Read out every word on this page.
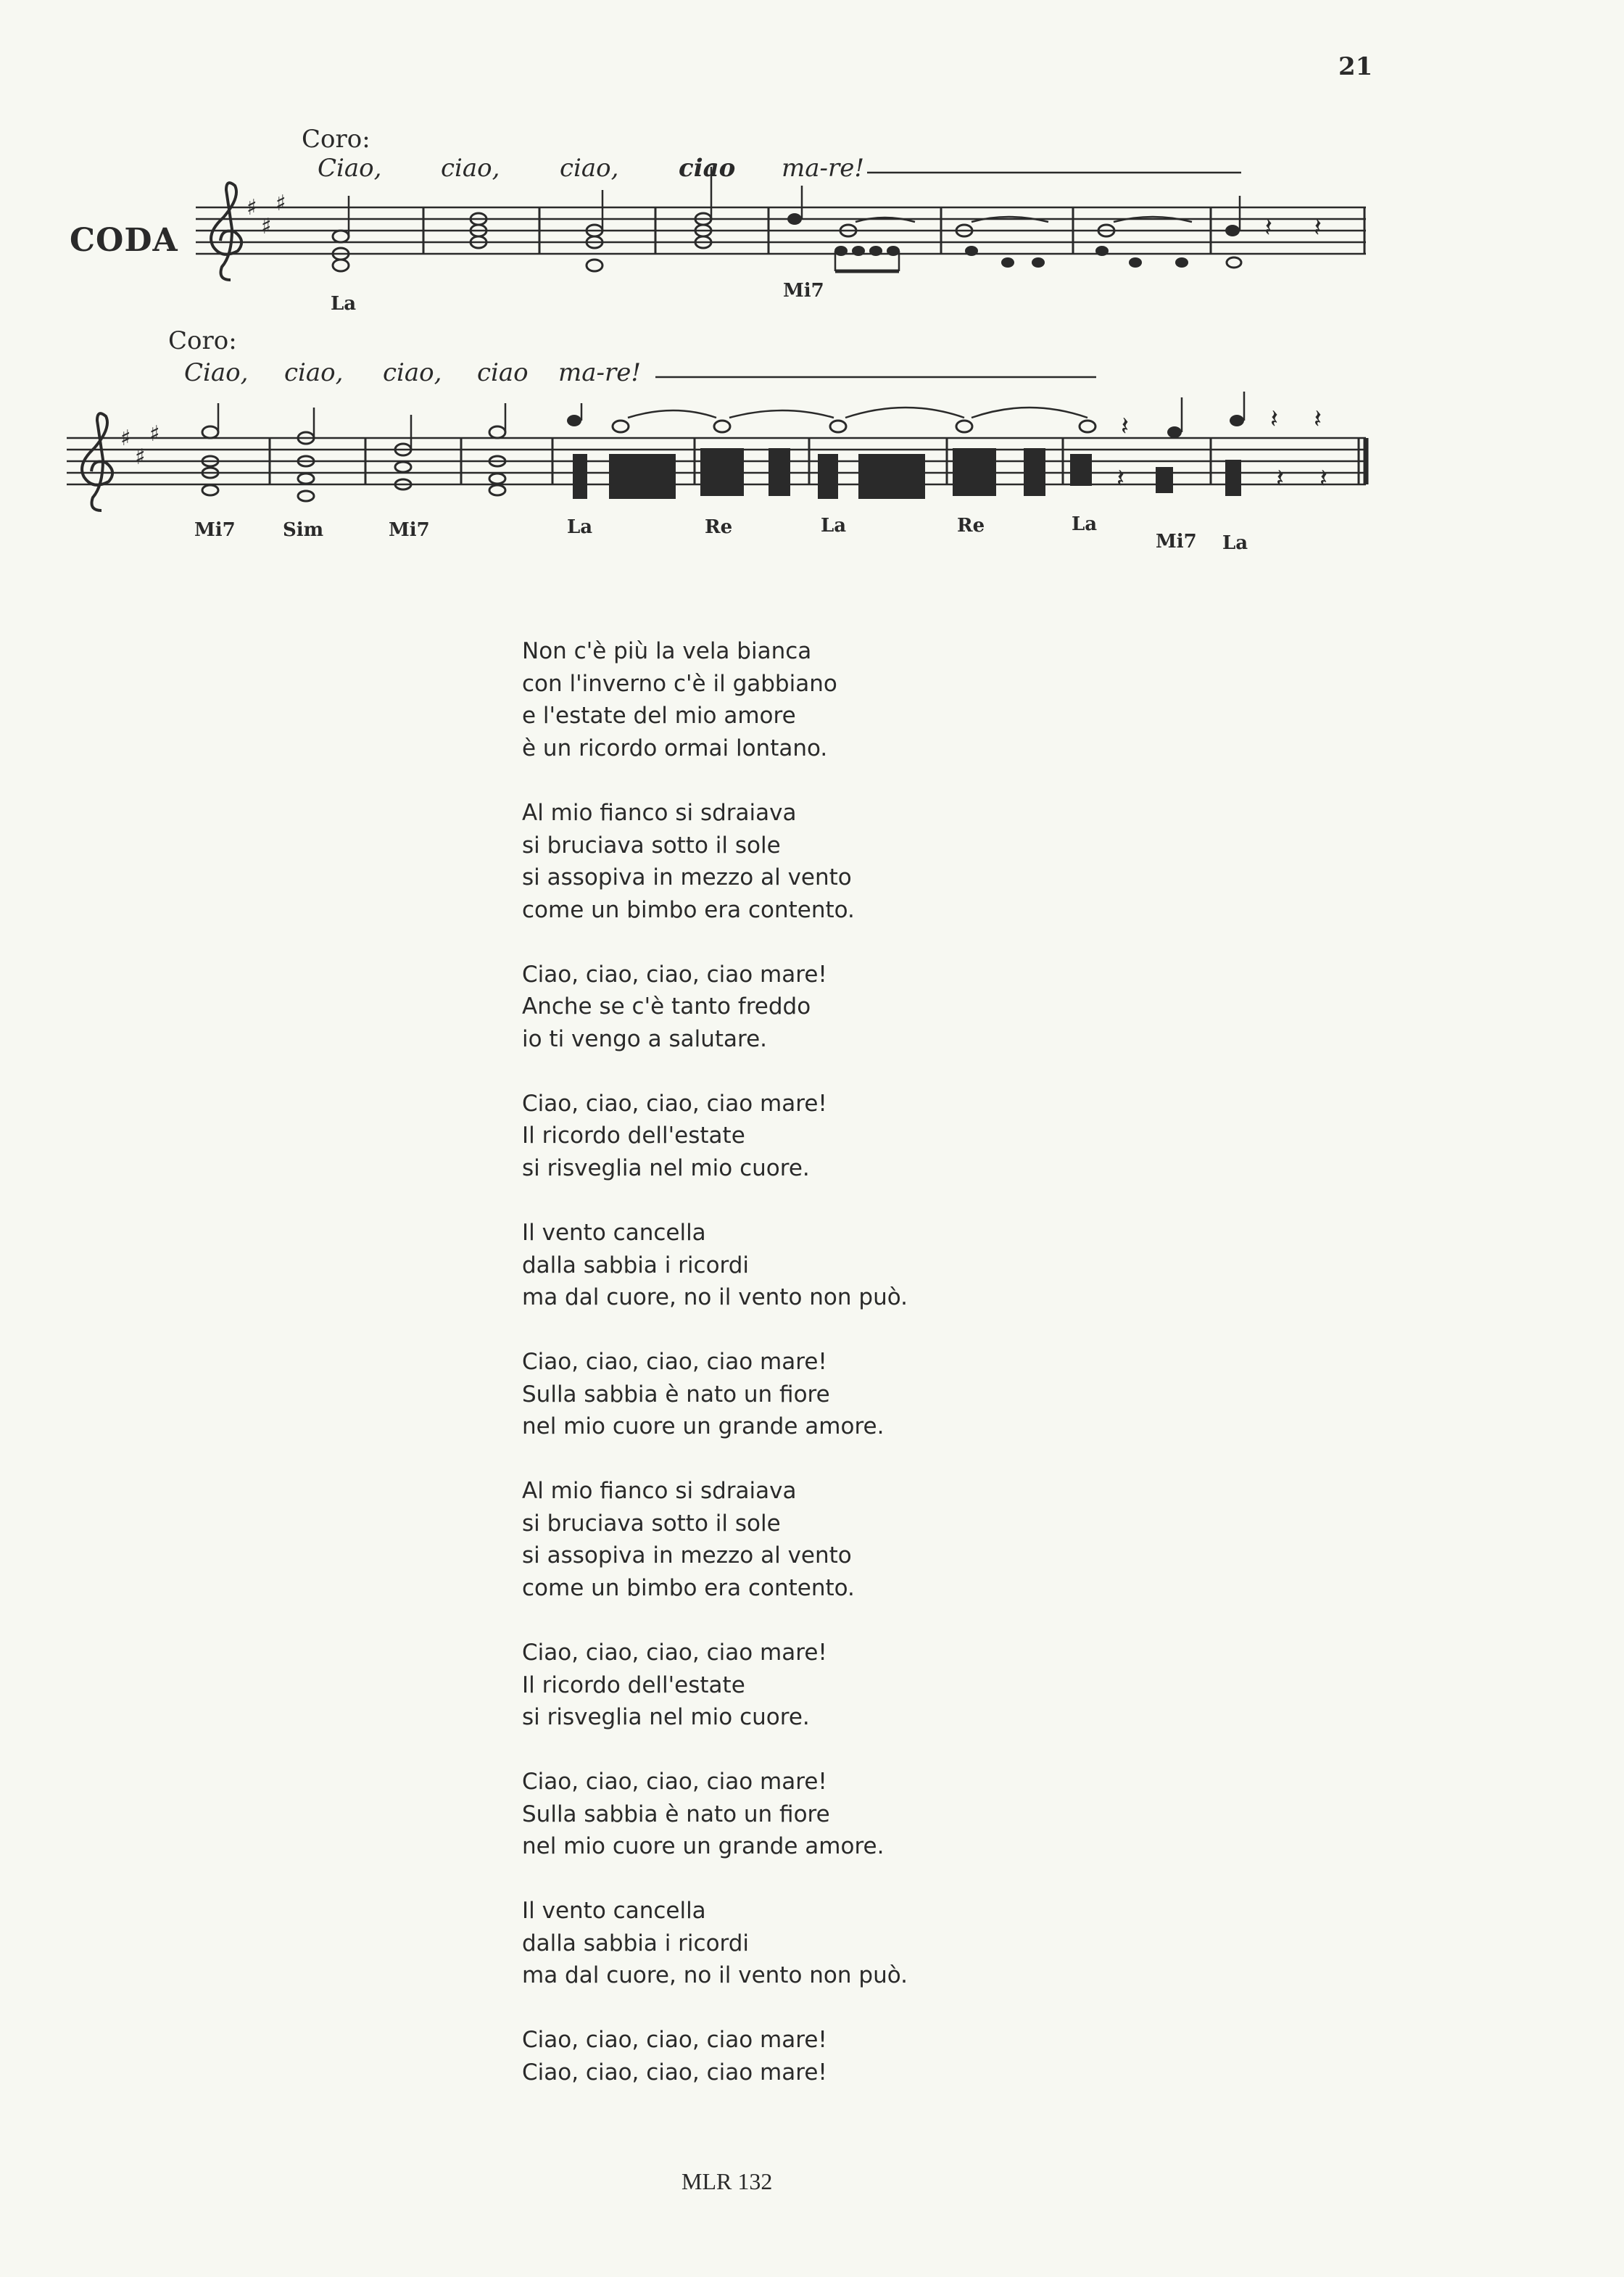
21
CODA
Coro:
Ciao, ciao, ciao, ciao ma-re!
La
Mi7
Coro:
Ciao, ciao, ciao, ciao ma-re!
Mi7	Sim	Mi7	La	Re	La	Re	La
Mi7 La
♯
♯
♯
𝄽 𝄽
♯
♯
♯	𝄽	𝄽 𝄽
𝄽	𝄽 𝄽
Non c'è più la vela bianca
con l'inverno c'è il gabbiano
e l'estate del mio amore
è un ricordo ormai lontano.
Al mio fianco si sdraiava
si bruciava sotto il sole
si assopiva in mezzo al vento
come un bimbo era contento.
Ciao, ciao, ciao, ciao mare!
Anche se c'è tanto freddo
io ti vengo a salutare.
Ciao, ciao, ciao, ciao mare!
Il ricordo dell'estate
si risveglia nel mio cuore.
Il vento cancella
dalla sabbia i ricordi
ma dal cuore, no il vento non può.
Ciao, ciao, ciao, ciao mare!
Sulla sabbia è nato un fiore
nel mio cuore un grande amore.
Al mio fianco si sdraiava
si bruciava sotto il sole
si assopiva in mezzo al vento
come un bimbo era contento.
Ciao, ciao, ciao, ciao mare!
Il ricordo dell'estate
si risveglia nel mio cuore.
Ciao, ciao, ciao, ciao mare!
Sulla sabbia è nato un fiore
nel mio cuore un grande amore.
Il vento cancella
dalla sabbia i ricordi
ma dal cuore, no il vento non può.
Ciao, ciao, ciao, ciao mare!
Ciao, ciao, ciao, ciao mare!
MLR 132
